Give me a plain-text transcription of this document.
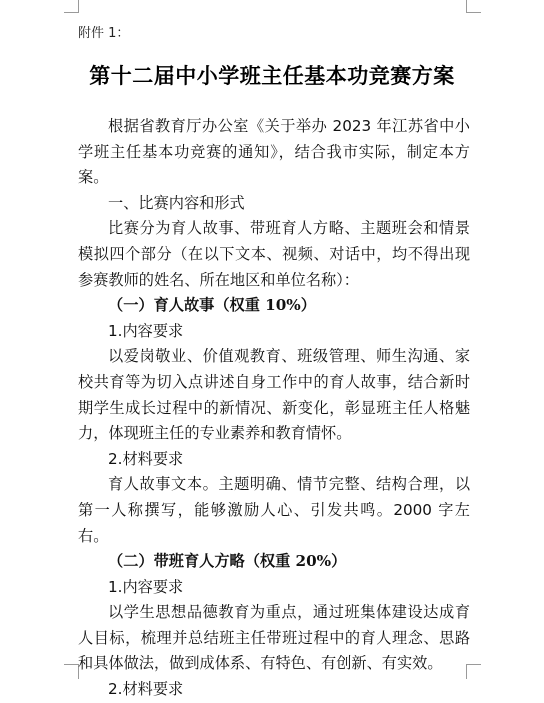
附件 1：
第十二届中小学班主任基本功竞赛方案

根据省教育厅办公室《关于举办 2023 年江苏省中小学班主任基本功竞赛的通知》，结合我市实际，制定本方案。

一、比赛内容和形式

比赛分为育人故事、带班育人方略、主题班会和情景模拟四个部分（在以下文本、视频、对话中，均不得出现参赛教师的姓名、所在地区和单位名称）：

（一）育人故事（权重 10%）

1.内容要求

以爱岗敬业、价值观教育、班级管理、师生沟通、家校共育等为切入点讲述自身工作中的育人故事，结合新时期学生成长过程中的新情况、新变化，彰显班主任人格魅力，体现班主任的专业素养和教育情怀。

2.材料要求

育人故事文本。主题明确、情节完整、结构合理，以第一人称撰写，能够激励人心、引发共鸣。2000 字左右。

（二）带班育人方略（权重 20%）

1.内容要求

以学生思想品德教育为重点，通过班集体建设达成育人目标，梳理并总结班主任带班过程中的育人理念、思路和具体做法，做到成体系、有特色、有创新、有实效。

2.材料要求
